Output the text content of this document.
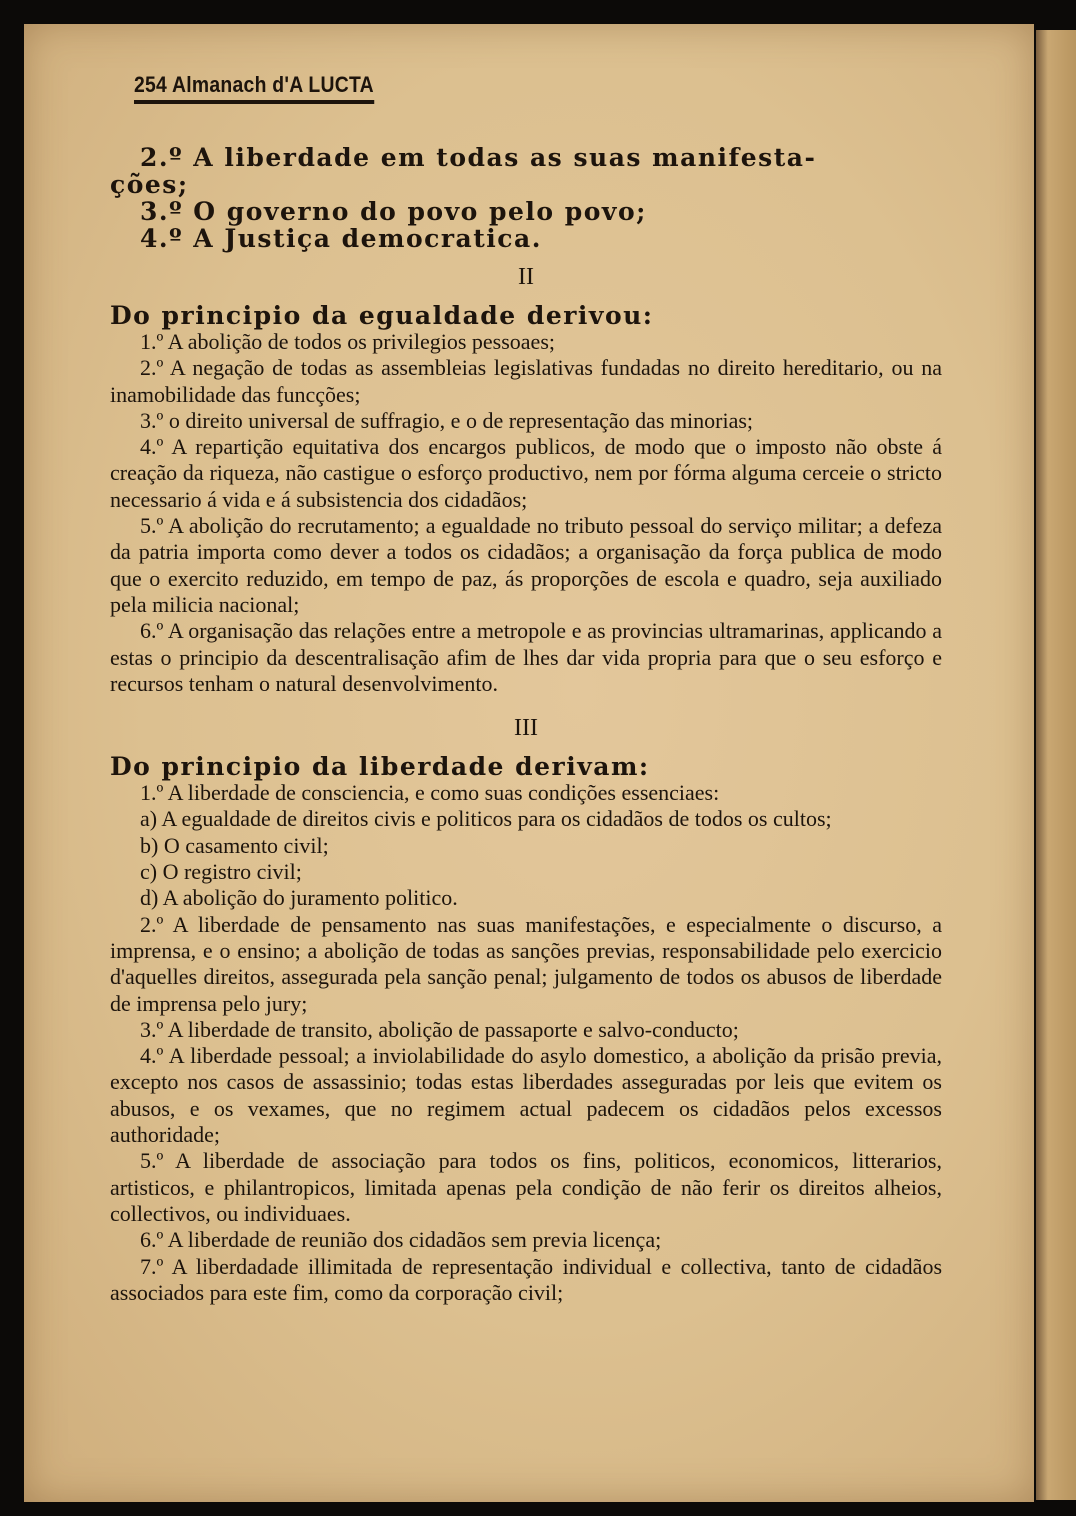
254 Almanach d'A LUCTA
2.º A liberdade em todas as suas manifesta-
ções;
3.º O governo do povo pelo povo;
4.º A Justiça democratica.
II
Do principio da egualdade derivou:

1.º A abolição de todos os privilegios pessoaes;

2.º A negação de todas as assembleias legislativas fundadas no direito hereditario, ou na inamobilidade das funcções;

3.º o direito universal de suffragio, e o de representação das minorias;

4.º A repartição equitativa dos encargos publicos, de modo que o imposto não obste á creação da riqueza, não castigue o esforço productivo, nem por fórma alguma cerceie o stricto necessario á vida e á subsistencia dos cidadãos;

5.º A abolição do recrutamento; a egualdade no tributo pessoal do serviço militar; a defeza da patria importa como dever a todos os cidadãos; a organisação da força publica de modo que o exercito reduzido, em tempo de paz, ás proporções de escola e quadro, seja auxiliado pela milicia nacional;

6.º A organisação das relações entre a metropole e as provincias ultramarinas, applicando a estas o principio da descentralisação afim de lhes dar vida propria para que o seu esforço e recursos tenham o natural desenvolvimento.

III
Do principio da liberdade derivam:

1.º A liberdade de consciencia, e como suas condições essenciaes:

a) A egualdade de direitos civis e politicos para os cidadãos de todos os cultos;

b) O casamento civil;

c) O registro civil;

d) A abolição do juramento politico.

2.º A liberdade de pensamento nas suas manifestações, e especialmente o discurso, a imprensa, e o ensino; a abolição de todas as sanções previas, responsabilidade pelo exercicio d'aquelles direitos, assegurada pela sanção penal; julgamento de todos os abusos de liberdade de imprensa pelo jury;

3.º A liberdade de transito, abolição de passaporte e salvo-conducto;

4.º A liberdade pessoal; a inviolabilidade do asylo domestico, a abolição da prisão previa, excepto nos casos de assassinio; todas estas liberdades asseguradas por leis que evitem os abusos, e os vexames, que no regimem actual padecem os cidadãos pelos excessos authoridade;

5.º A liberdade de associação para todos os fins, politicos, economicos, litterarios, artisticos, e philantropicos, limitada apenas pela condição de não ferir os direitos alheios, collectivos, ou individuaes.

6.º A liberdade de reunião dos cidadãos sem previa licença;

7.º A liberdadade illimitada de representação individual e collectiva, tanto de cidadãos associados para este fim, como da corporação civil;
